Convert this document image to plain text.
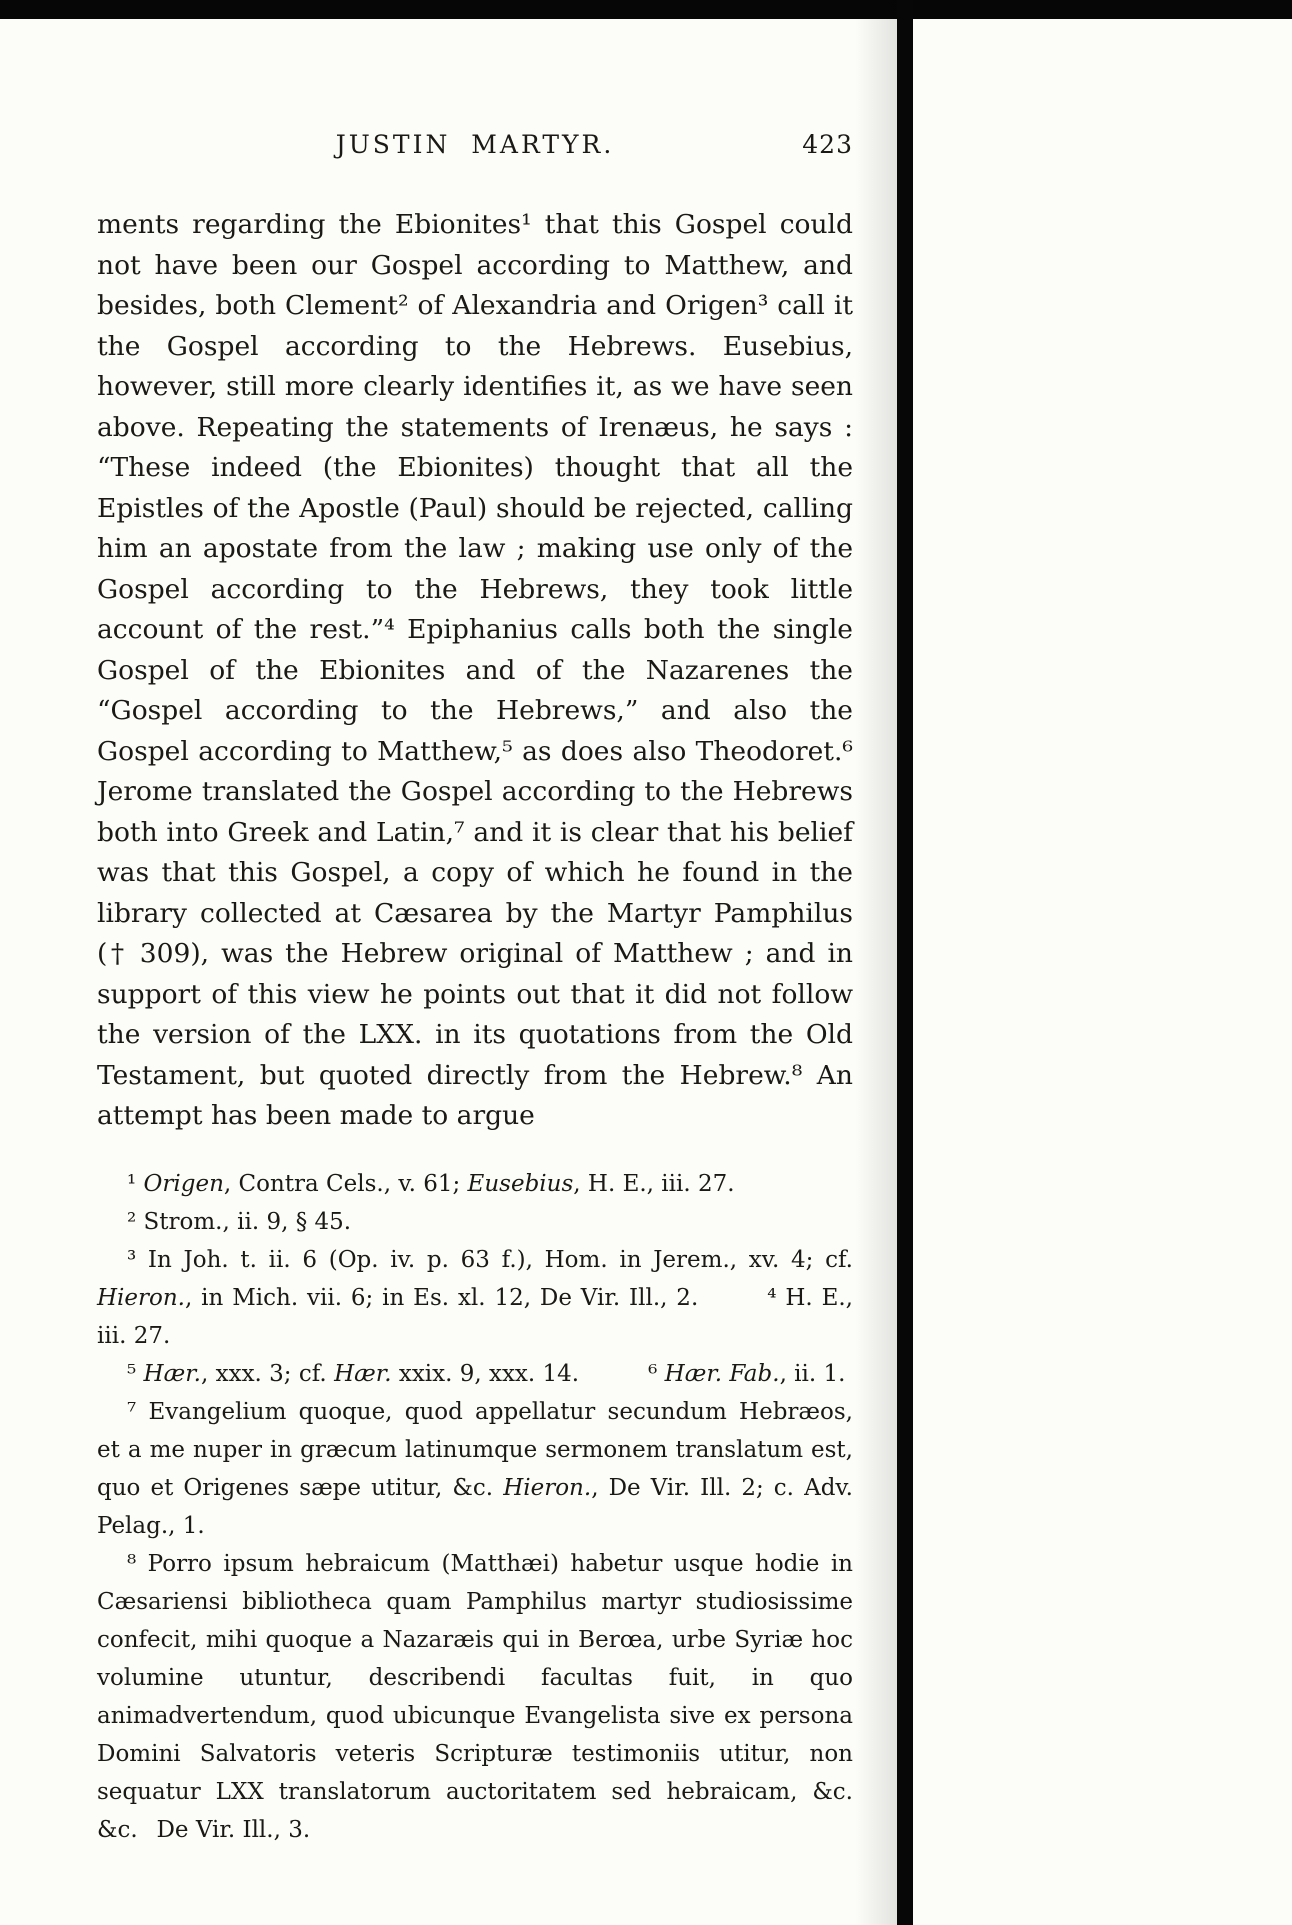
JUSTIN MARTYR.	423

ments regarding the Ebionites¹ that this Gospel could not have been our Gospel according to Matthew, and besides, both Clement² of Alexandria and Origen³ call it the Gospel according to the Hebrews. Eusebius, however, still more clearly identifies it, as we have seen above. Repeating the statements of Irenæus, he says : “These indeed (the Ebionites) thought that all the Epistles of the Apostle (Paul) should be rejected, calling him an apostate from the law ; making use only of the Gospel according to the Hebrews, they took little account of the rest.”⁴ Epiphanius calls both the single Gospel of the Ebionites and of the Nazarenes the “Gospel according to the Hebrews,” and also the Gospel according to Matthew,⁵ as does also Theodoret.⁶ Jerome translated the Gospel according to the Hebrews both into Greek and Latin,⁷ and it is clear that his belief was that this Gospel, a copy of which he found in the library collected at Cæsarea by the Martyr Pamphilus († 309), was the Hebrew original of Matthew ; and in support of this view he points out that it did not follow the version of the LXX. in its quotations from the Old Testament, but quoted directly from the Hebrew.⁸ An attempt has been made to argue

¹ Origen, Contra Cels., v. 61; Eusebius, H. E., iii. 27.

² Strom., ii. 9, § 45.

³ In Joh. t. ii. 6 (Op. iv. p. 63 f.), Hom. in Jerem., xv. 4; cf. Hieron., in Mich. vii. 6; in Es. xl. 12, De Vir. Ill., 2.   ⁴ H. E., iii. 27.

⁵ Hær., xxx. 3; cf. Hær. xxix. 9, xxx. 14.   ⁶ Hær. Fab., ii. 1.

⁷ Evangelium quoque, quod appellatur secundum Hebræos, et a me nuper in græcum latinumque sermonem translatum est, quo et Origenes sæpe utitur, &c. Hieron., De Vir. Ill. 2; c. Adv. Pelag., 1.

⁸ Porro ipsum hebraicum (Matthæi) habetur usque hodie in Cæsariensi bibliotheca quam Pamphilus martyr studiosissime confecit, mihi quoque a Nazaræis qui in Berœa, urbe Syriæ hoc volumine utuntur, describendi facultas fuit, in quo animadvertendum, quod ubicunque Evangelista sive ex persona Domini Salvatoris veteris Scripturæ testimoniis utitur, non sequatur LXX translatorum auctoritatem sed hebraicam, &c. &c.  De Vir. Ill., 3.
